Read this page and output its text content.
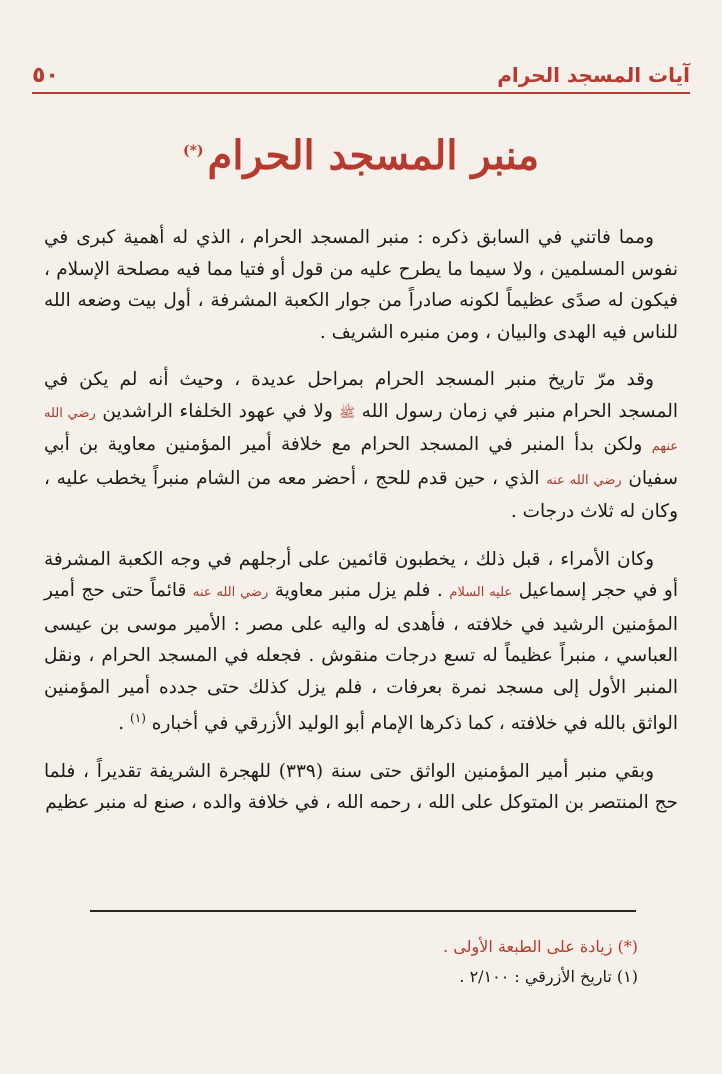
آيات المسجد الحرام
٥٠
منبر المسجد الحرام(*)

ومما فاتني في السابق ذكره : منبر المسجد الحرام ، الذي له أهمية كبرى في نفوس المسلمين ، ولا سيما ما يطرح عليه من قول أو فتيا مما فيه مصلحة الإسلام ، فيكون له صدًى عظيماً لكونه صادراً من جوار الكعبة المشرفة ، أول بيت وضعه الله للناس فيه الهدى والبيان ، ومن منبره الشريف .

وقد مرّ تاريخ منبر المسجد الحرام بمراحل عديدة ، وحيث أنه لم يكن في المسجد الحرام منبر في زمان رسول الله ﷺ ولا في عهود الخلفاء الراشدين رضي الله عنهم ولكن بدأ المنبر في المسجد الحرام مع خلافة أمير المؤمنين معاوية بن أبي سفيان رضي الله عنه الذي ، حين قدم للحج ، أحضر معه من الشام منبراً يخطب عليه ، وكان له ثلاث درجات .

وكان الأمراء ، قبل ذلك ، يخطبون قائمين على أرجلهم في وجه الكعبة المشرفة أو في حجر إسماعيل عليه السلام . فلم يزل منبر معاوية رضي الله عنه قائماً حتى حج أمير المؤمنين الرشيد في خلافته ، فأهدى له واليه على مصر : الأمير موسى بن عيسى العباسي ، منبراً عظيماً له تسع درجات منقوش . فجعله في المسجد الحرام ، ونقل المنبر الأول إلى مسجد نمرة بعرفات ، فلم يزل كذلك حتى جدده أمير المؤمنين الواثق بالله في خلافته ، كما ذكرها الإمام أبو الوليد الأزرقي في أخباره $^{(١)}$ .

وبقي منبر أمير المؤمنين الواثق حتى سنة (٣٣٩) للهجرة الشريفة تقديراً ، فلما حج المنتصر بن المتوكل على الله ، رحمه الله ، في خلافة والده ، صنع له منبر عظيم

(*) زيادة على الطبعة الأولى .
(١) تاريخ الأزرقي : ٢/١٠٠ .
